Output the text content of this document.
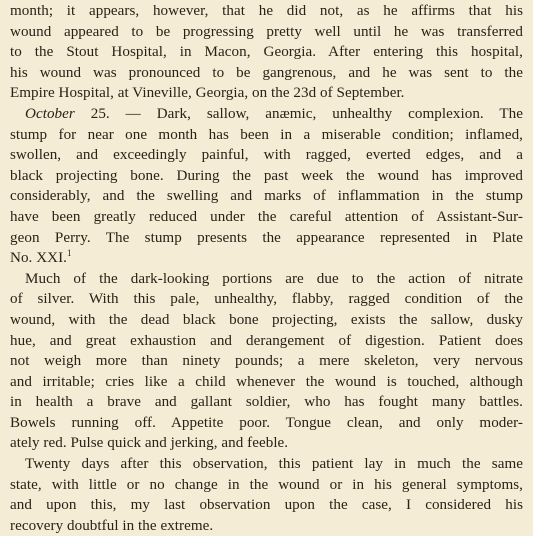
month; it appears, however, that he did not, as he affirms that his
wound appeared to be progressing pretty well until he was transferred
to the Stout Hospital, in Macon, Georgia. After entering this hospital,
his wound was pronounced to be gangrenous, and he was sent to the
Empire Hospital, at Vineville, Georgia, on the 23d of September.
October 25. — Dark, sallow, anæmic, unhealthy complexion. The
stump for near one month has been in a miserable condition; inflamed,
swollen, and exceedingly painful, with ragged, everted edges, and a
black projecting bone. During the past week the wound has improved
considerably, and the swelling and marks of inflammation in the stump
have been greatly reduced under the careful attention of Assistant-Sur-
geon Perry. The stump presents the appearance represented in Plate
No. XXI.$^1$
Much of the dark-looking portions are due to the action of nitrate
of silver. With this pale, unhealthy, flabby, ragged condition of the
wound, with the dead black bone projecting, exists the sallow, dusky
hue, and great exhaustion and derangement of digestion. Patient does
not weigh more than ninety pounds; a mere skeleton, very nervous
and irritable; cries like a child whenever the wound is touched, although
in health a brave and gallant soldier, who has fought many battles.
Bowels running off. Appetite poor. Tongue clean, and only moder-
ately red. Pulse quick and jerking, and feeble.
Twenty days after this observation, this patient lay in much the same
state, with little or no change in the wound or in his general symptoms,
and upon this, my last observation upon the case, I considered his
recovery doubtful in the extreme.
